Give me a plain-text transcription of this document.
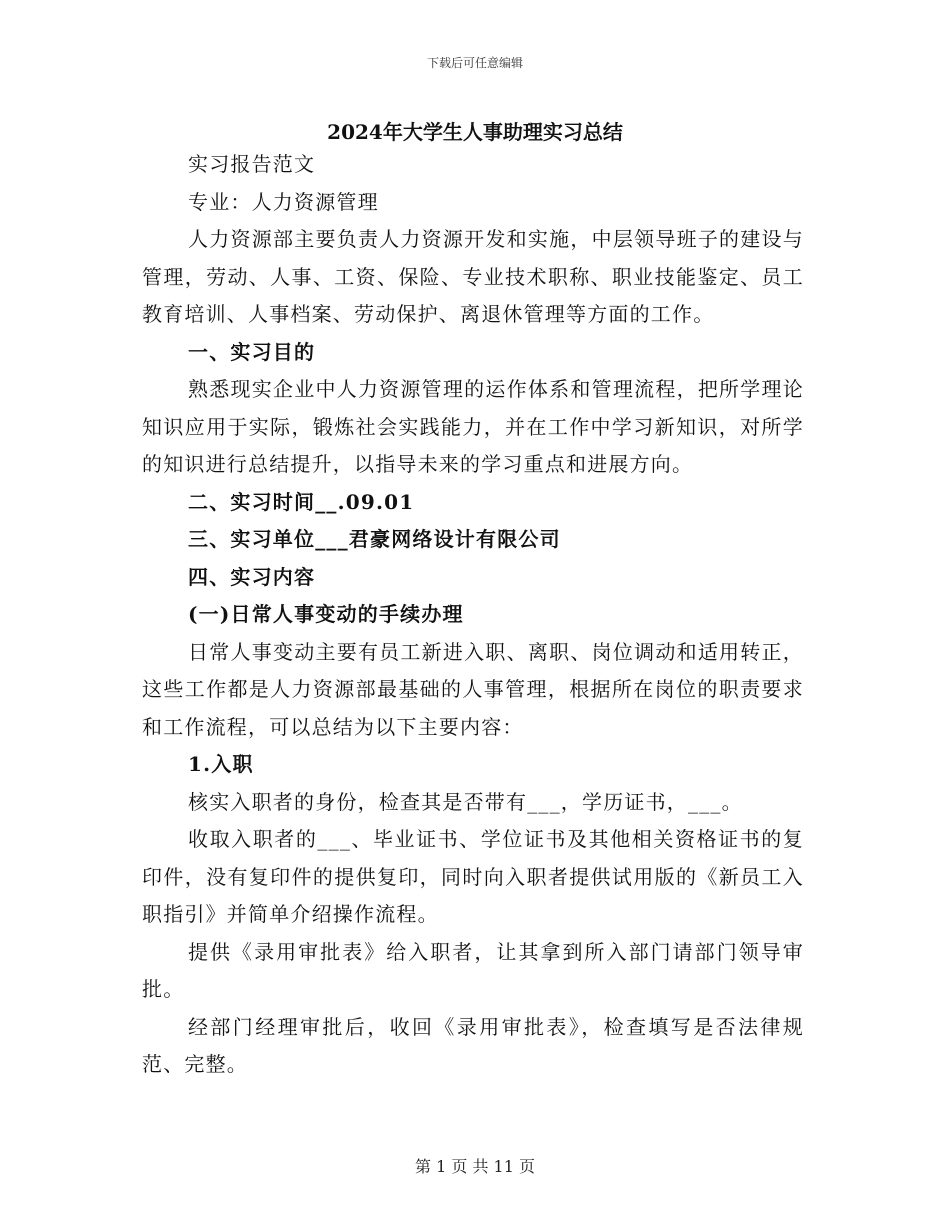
下载后可任意编辑
2024年大学生人事助理实习总结

实习报告范文

专业：人力资源管理

人力资源部主要负责人力资源开发和实施，中层领导班子的建设与管理，劳动、人事、工资、保险、专业技术职称、职业技能鉴定、员工教育培训、人事档案、劳动保护、离退休管理等方面的工作。

一、实习目的

熟悉现实企业中人力资源管理的运作体系和管理流程，把所学理论知识应用于实际，锻炼社会实践能力，并在工作中学习新知识，对所学的知识进行总结提升，以指导未来的学习重点和进展方向。

二、实习时间__.09.01

三、实习单位___君豪网络设计有限公司

四、实习内容

(一)日常人事变动的手续办理

日常人事变动主要有员工新进入职、离职、岗位调动和适用转正，这些工作都是人力资源部最基础的人事管理，根据所在岗位的职责要求和工作流程，可以总结为以下主要内容：

1.入职

核实入职者的身份，检查其是否带有___，学历证书，___。

收取入职者的___、毕业证书、学位证书及其他相关资格证书的复印件，没有复印件的提供复印，同时向入职者提供试用版的《新员工入职指引》并简单介绍操作流程。

提供《录用审批表》给入职者，让其拿到所入部门请部门领导审批。

经部门经理审批后，收回《录用审批表》，检查填写是否法律规范、完整。

第 1 页 共 11 页
